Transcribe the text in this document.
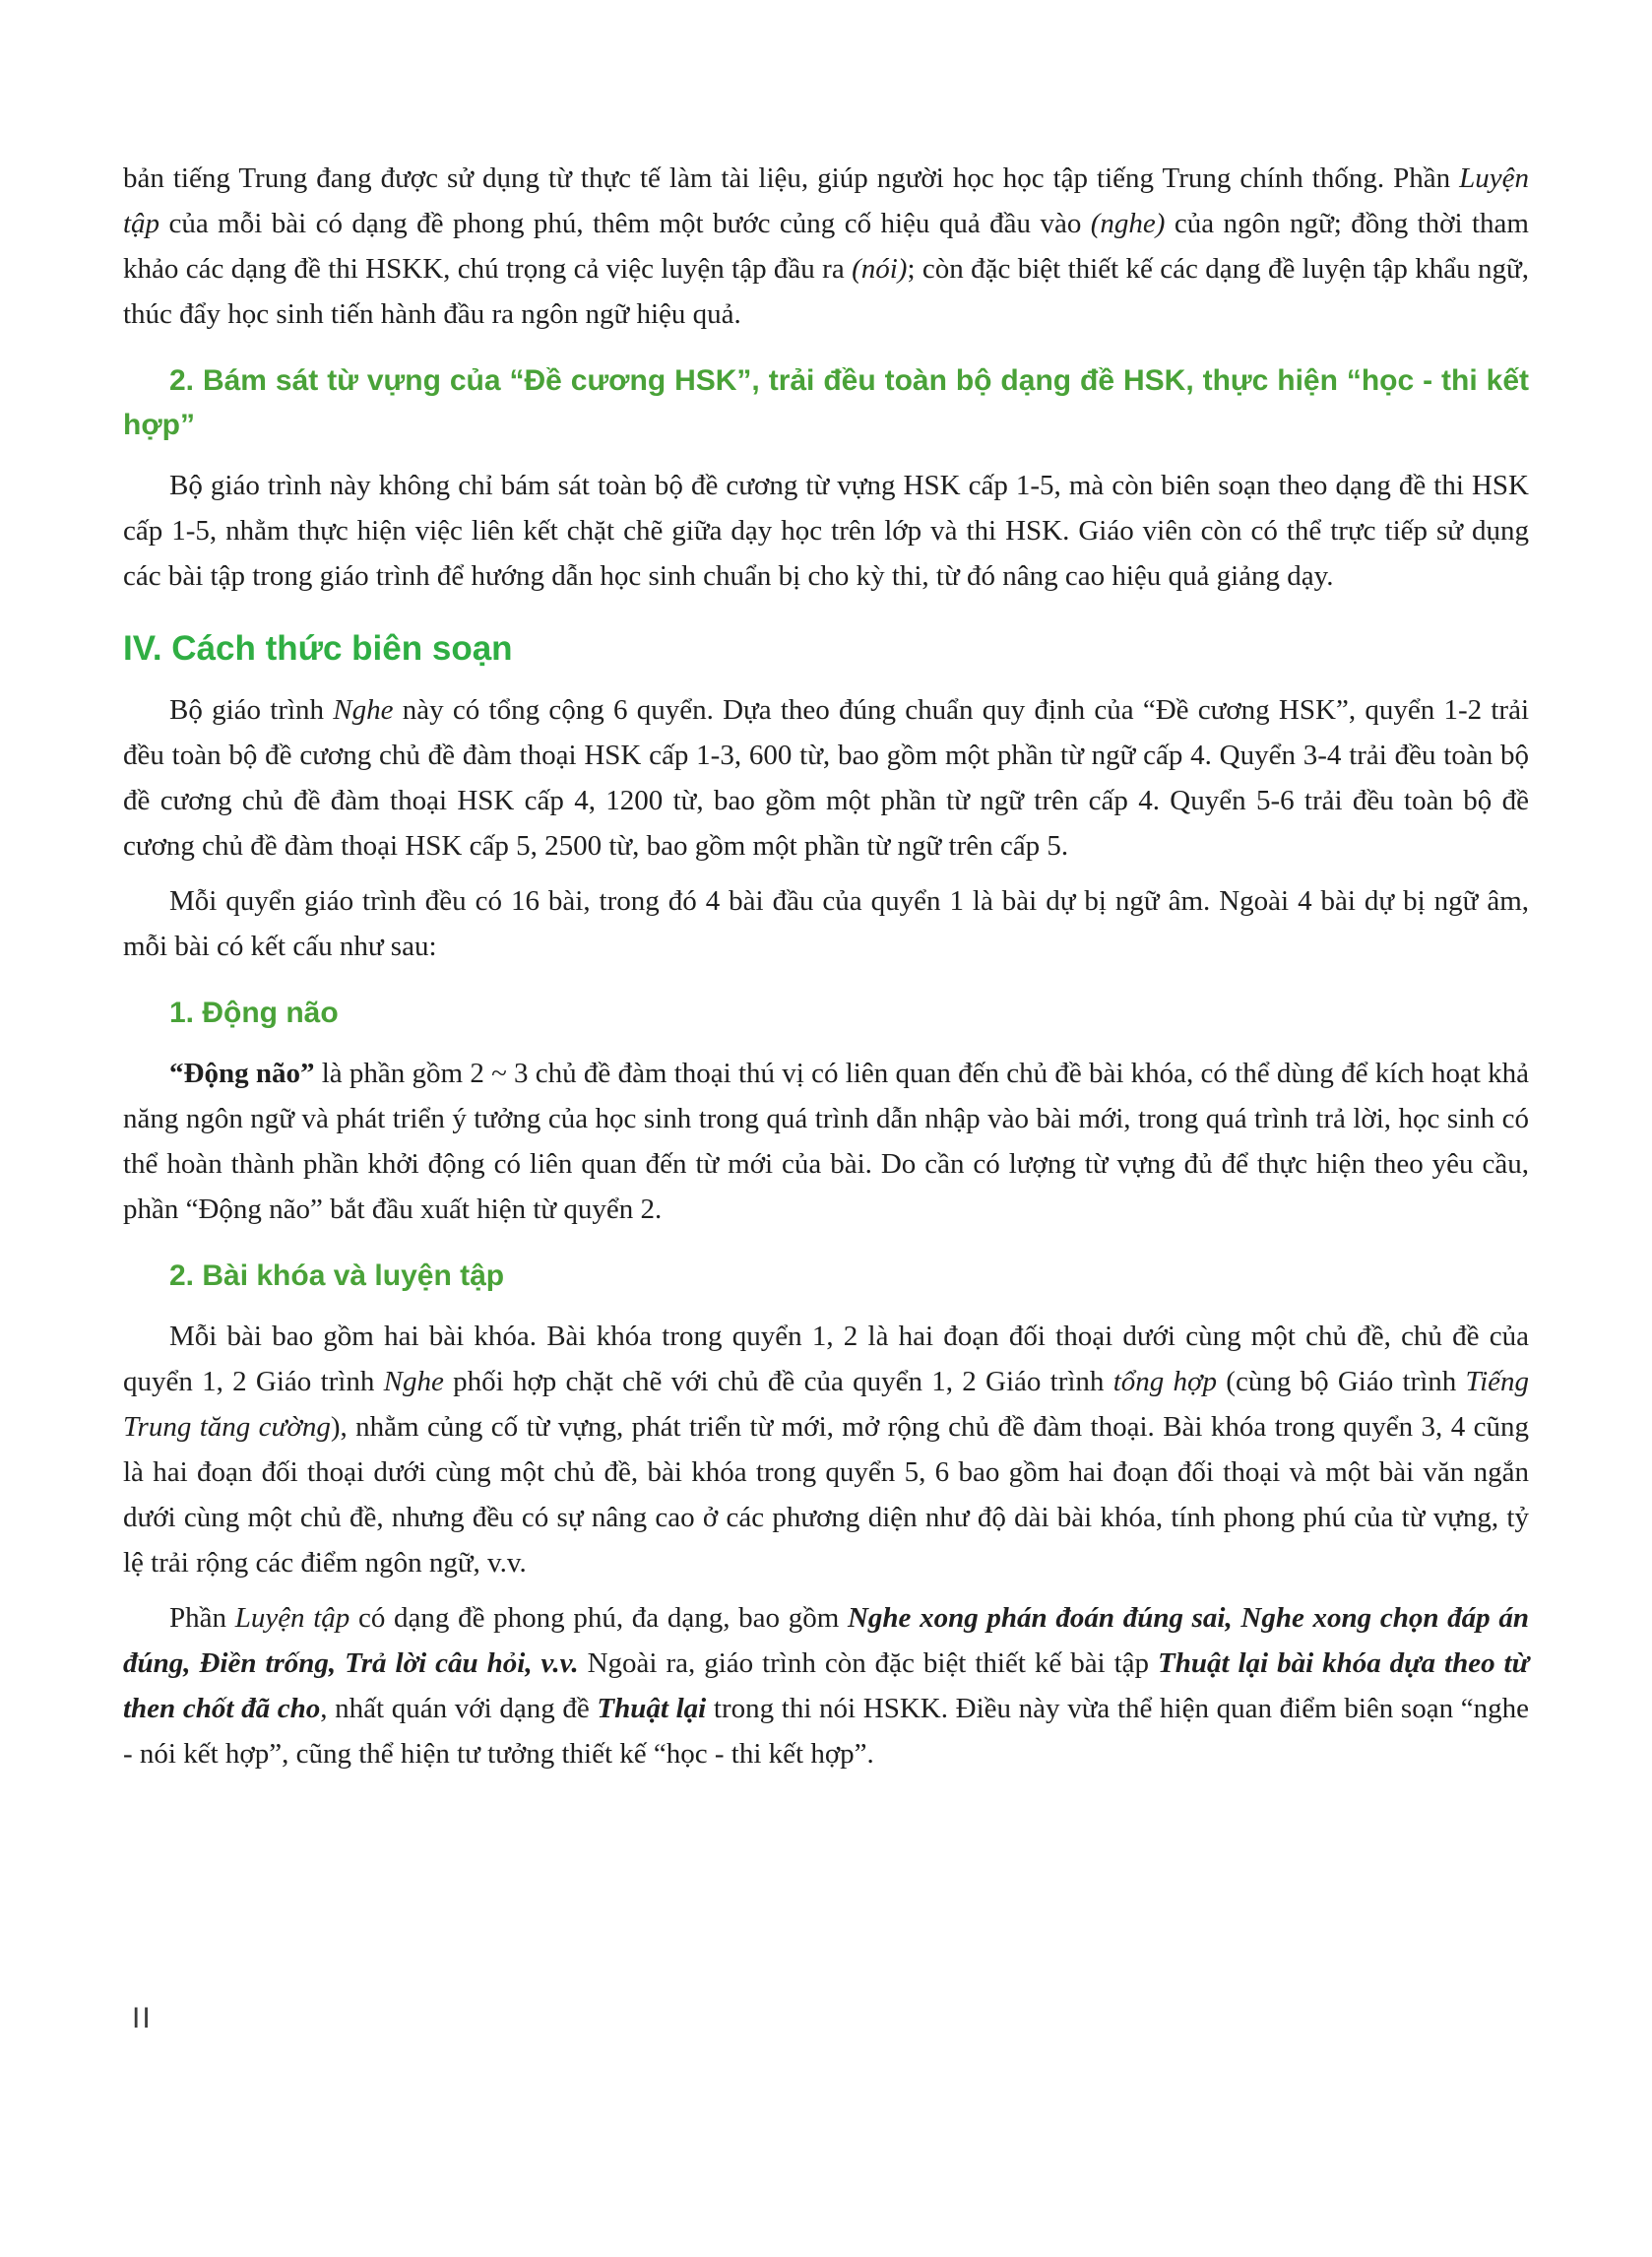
bản tiếng Trung đang được sử dụng từ thực tế làm tài liệu, giúp người học học tập tiếng Trung chính thống. Phần Luyện tập của mỗi bài có dạng đề phong phú, thêm một bước củng cố hiệu quả đầu vào (nghe) của ngôn ngữ; đồng thời tham khảo các dạng đề thi HSKK, chú trọng cả việc luyện tập đầu ra (nói); còn đặc biệt thiết kế các dạng đề luyện tập khẩu ngữ, thúc đẩy học sinh tiến hành đầu ra ngôn ngữ hiệu quả.

2. Bám sát từ vựng của “Đề cương HSK”, trải đều toàn bộ dạng đề HSK, thực hiện “học - thi kết hợp”

Bộ giáo trình này không chỉ bám sát toàn bộ đề cương từ vựng HSK cấp 1-5, mà còn biên soạn theo dạng đề thi HSK cấp 1-5, nhằm thực hiện việc liên kết chặt chẽ giữa dạy học trên lớp và thi HSK. Giáo viên còn có thể trực tiếp sử dụng các bài tập trong giáo trình để hướng dẫn học sinh chuẩn bị cho kỳ thi, từ đó nâng cao hiệu quả giảng dạy.

IV. Cách thức biên soạn

Bộ giáo trình Nghe này có tổng cộng 6 quyển. Dựa theo đúng chuẩn quy định của “Đề cương HSK”, quyển 1-2 trải đều toàn bộ đề cương chủ đề đàm thoại HSK cấp 1-3, 600 từ, bao gồm một phần từ ngữ cấp 4. Quyển 3-4 trải đều toàn bộ đề cương chủ đề đàm thoại HSK cấp 4, 1200 từ, bao gồm một phần từ ngữ trên cấp 4. Quyển 5-6 trải đều toàn bộ đề cương chủ đề đàm thoại HSK cấp 5, 2500 từ, bao gồm một phần từ ngữ trên cấp 5.

Mỗi quyển giáo trình đều có 16 bài, trong đó 4 bài đầu của quyển 1 là bài dự bị ngữ âm. Ngoài 4 bài dự bị ngữ âm, mỗi bài có kết cấu như sau:

1. Động não

“Động não” là phần gồm 2 ~ 3 chủ đề đàm thoại thú vị có liên quan đến chủ đề bài khóa, có thể dùng để kích hoạt khả năng ngôn ngữ và phát triển ý tưởng của học sinh trong quá trình dẫn nhập vào bài mới, trong quá trình trả lời, học sinh có thể hoàn thành phần khởi động có liên quan đến từ mới của bài. Do cần có lượng từ vựng đủ để thực hiện theo yêu cầu, phần “Động não” bắt đầu xuất hiện từ quyển 2.

2. Bài khóa và luyện tập

Mỗi bài bao gồm hai bài khóa. Bài khóa trong quyển 1, 2 là hai đoạn đối thoại dưới cùng một chủ đề, chủ đề của quyển 1, 2 Giáo trình Nghe phối hợp chặt chẽ với chủ đề của quyển 1, 2 Giáo trình tổng hợp (cùng bộ Giáo trình Tiếng Trung tăng cường), nhằm củng cố từ vựng, phát triển từ mới, mở rộng chủ đề đàm thoại. Bài khóa trong quyển 3, 4 cũng là hai đoạn đối thoại dưới cùng một chủ đề, bài khóa trong quyển 5, 6 bao gồm hai đoạn đối thoại và một bài văn ngắn dưới cùng một chủ đề, nhưng đều có sự nâng cao ở các phương diện như độ dài bài khóa, tính phong phú của từ vựng, tỷ lệ trải rộng các điểm ngôn ngữ, v.v.

Phần Luyện tập có dạng đề phong phú, đa dạng, bao gồm Nghe xong phán đoán đúng sai, Nghe xong chọn đáp án đúng, Điền trống, Trả lời câu hỏi, v.v. Ngoài ra, giáo trình còn đặc biệt thiết kế bài tập Thuật lại bài khóa dựa theo từ then chốt đã cho, nhất quán với dạng đề Thuật lại trong thi nói HSKK. Điều này vừa thể hiện quan điểm biên soạn “nghe - nói kết hợp”, cũng thể hiện tư tưởng thiết kế “học - thi kết hợp”.

II
